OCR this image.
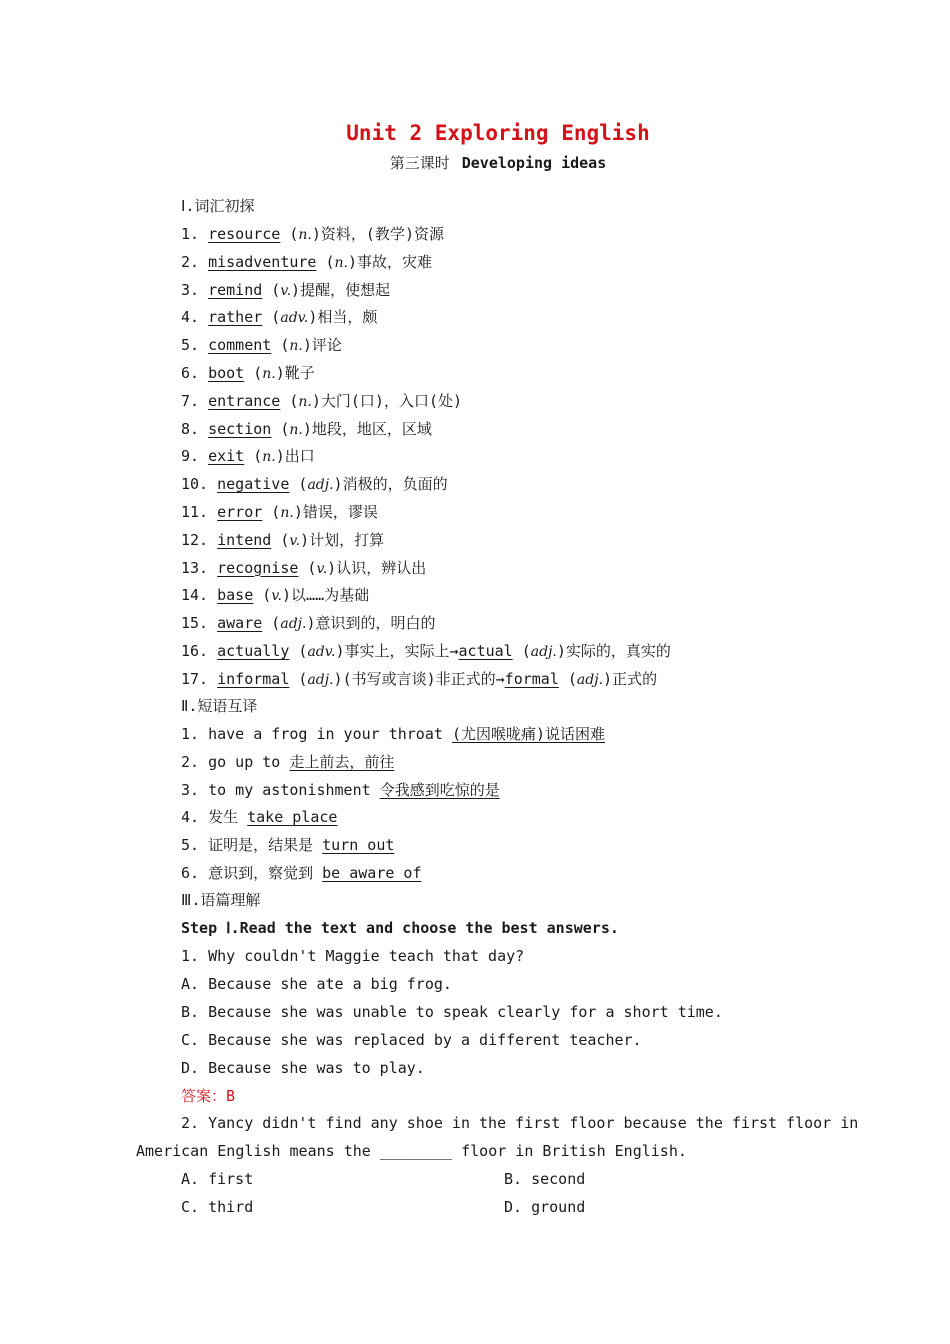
Unit 2 Exploring English
第三课时 Developing ideas
Ⅰ.词汇初探
1. resource (n.)资料，(教学)资源
2. misadventure (n.)事故，灾难
3. remind (v.)提醒，使想起
4. rather (adv.)相当，颇
5. comment (n.)评论
6. boot (n.)靴子
7. entrance (n.)大门(口)，入口(处)
8. section (n.)地段，地区，区域
9. exit (n.)出口
10. negative (adj.)消极的，负面的
11. error (n.)错误，谬误
12. intend (v.)计划，打算
13. recognise (v.)认识，辨认出
14. base (v.)以……为基础
15. aware (adj.)意识到的，明白的
16. actually (adv.)事实上，实际上→actual (adj.)实际的，真实的
17. informal (adj.)(书写或言谈)非正式的→formal (adj.)正式的
Ⅱ.短语互译
1. have a frog in your throat (尤因喉咙痛)说话困难
2. go up to 走上前去，前往
3. to my astonishment 令我感到吃惊的是
4. 发生 take place
5. 证明是，结果是 turn out
6. 意识到，察觉到 be aware of
Ⅲ.语篇理解
Step Ⅰ.Read the text and choose the best answers.
1. Why couldn't Maggie teach that day?
A. Because she ate a big frog.
B. Because she was unable to speak clearly for a short time.
C. Because she was replaced by a different teacher.
D. Because she was to play.
答案：B
2. Yancy didn't find any shoe in the first floor because the first floor in
American English means the ________ floor in British English.
A. first	B. second
C. third	D. ground
